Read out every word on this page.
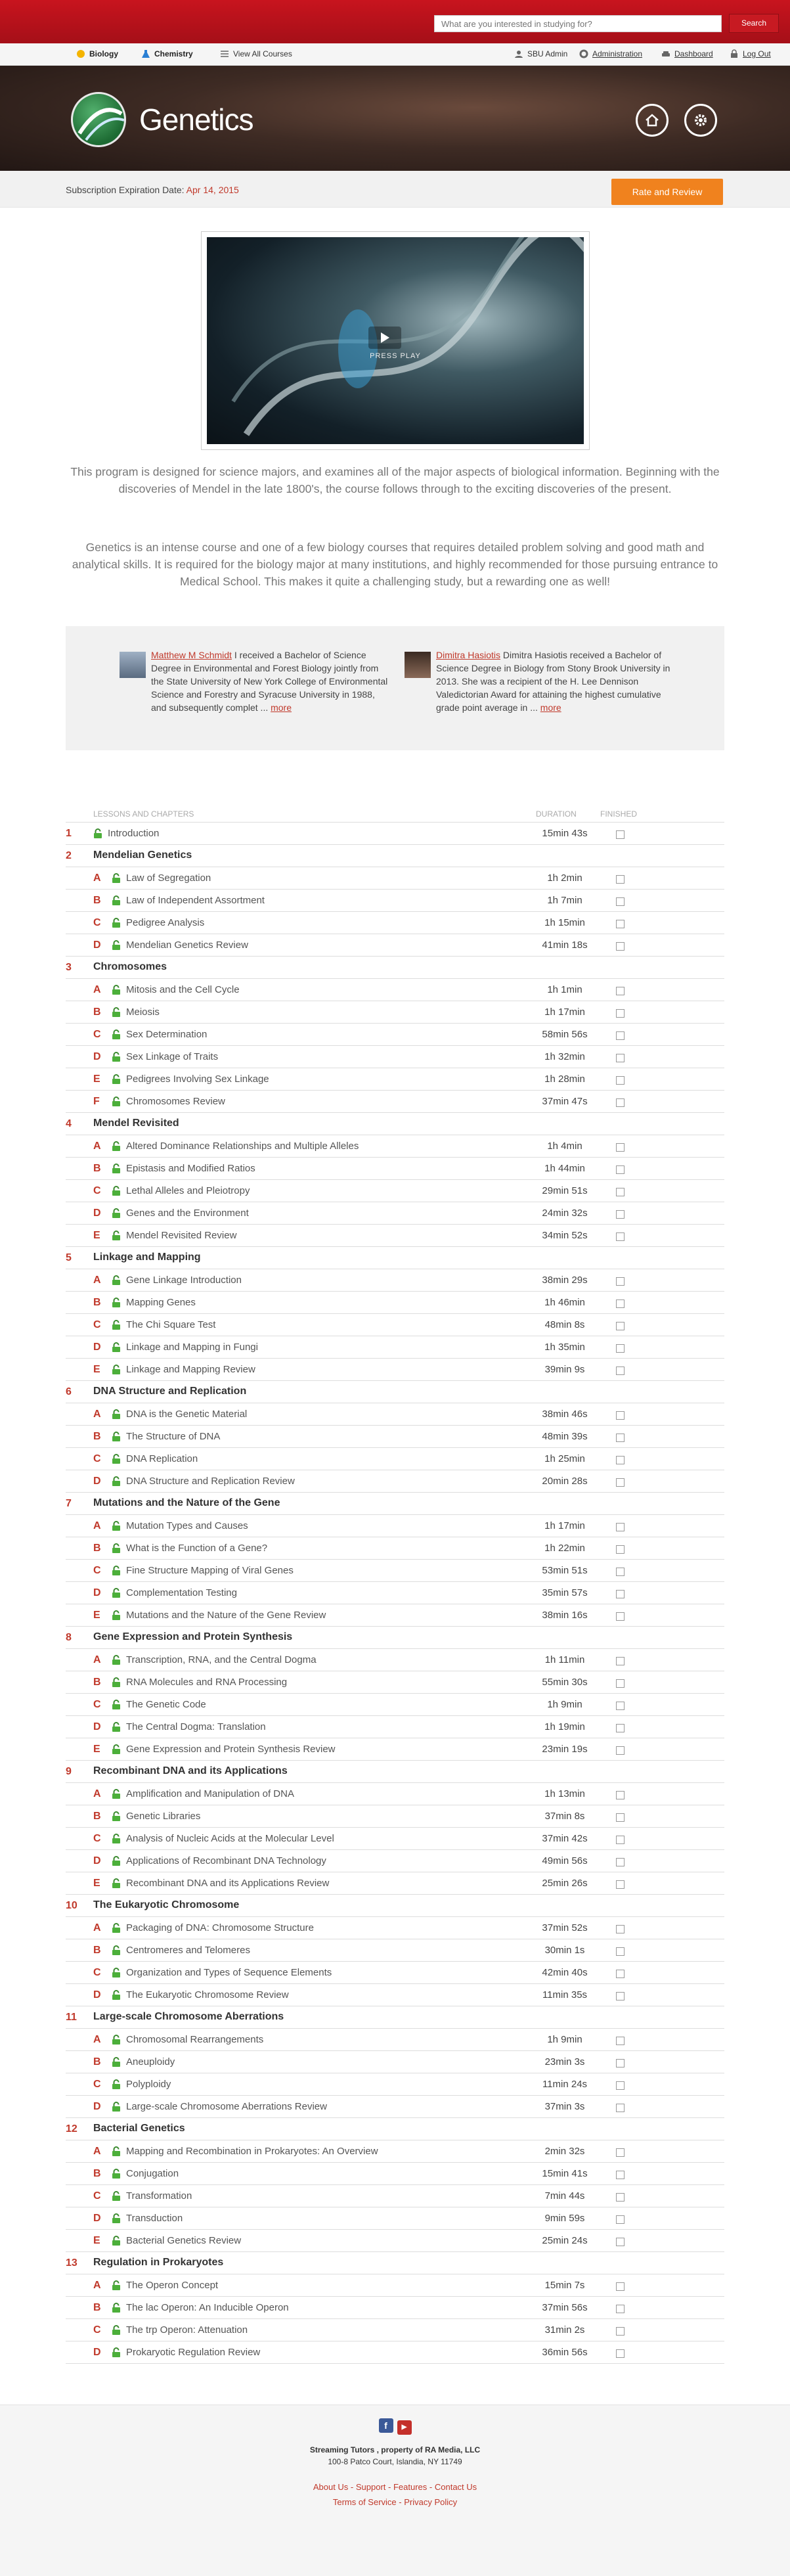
What are you interested in studying for?
Search
Biology	Chemistry	View All Courses	SBU Admin	Administration	Dashboard	Log Out
Genetics
Subscription Expiration Date: Apr 14, 2015	Rate and Review
PRESS PLAY

This program is designed for science majors, and examines all of the major aspects of biological information. Beginning with the discoveries of Mendel in the late 1800's, the course follows through to the exciting discoveries of the present.

Genetics is an intense course and one of a few biology courses that requires detailed problem solving and good math and analytical skills. It is required for the biology major at many institutions, and highly recommended for those pursuing entrance to Medical School. This makes it quite a challenging study, but a rewarding one as well!

Matthew M Schmidt I received a Bachelor of Science Degree in Environmental and Forest Biology jointly from the State University of New York College of Environmental Science and Forestry and Syracuse University in 1988, and subsequently complet ... more
Dimitra Hasiotis Dimitra Hasiotis received a Bachelor of Science Degree in Biology from Stony Brook University in 2013. She was a recipient of the H. Lee Dennison Valedictorian Award for attaining the highest cumulative grade point average in ... more
LESSONS AND CHAPTERS	DURATION	FINISHED
1	Introduction	15min 43s
2 Mendelian Genetics
A	Law of Segregation	1h 2min
B	Law of Independent Assortment	1h 7min
C	Pedigree Analysis	1h 15min
D	Mendelian Genetics Review	41min 18s
3 Chromosomes
A	Mitosis and the Cell Cycle	1h 1min
B	Meiosis	1h 17min
C	Sex Determination	58min 56s
D	Sex Linkage of Traits	1h 32min
E	Pedigrees Involving Sex Linkage	1h 28min
F	Chromosomes Review	37min 47s
4 Mendel Revisited
A	Altered Dominance Relationships and Multiple Alleles	1h 4min
B	Epistasis and Modified Ratios	1h 44min
C	Lethal Alleles and Pleiotropy	29min 51s
D	Genes and the Environment	24min 32s
E	Mendel Revisited Review	34min 52s
5 Linkage and Mapping
A	Gene Linkage Introduction	38min 29s
B	Mapping Genes	1h 46min
C	The Chi Square Test	48min 8s
D	Linkage and Mapping in Fungi	1h 35min
E	Linkage and Mapping Review	39min 9s
6 DNA Structure and Replication
A	DNA is the Genetic Material	38min 46s
B	The Structure of DNA	48min 39s
C	DNA Replication	1h 25min
D	DNA Structure and Replication Review	20min 28s
7 Mutations and the Nature of the Gene
A	Mutation Types and Causes	1h 17min
B	What is the Function of a Gene?	1h 22min
C	Fine Structure Mapping of Viral Genes	53min 51s
D	Complementation Testing	35min 57s
E	Mutations and the Nature of the Gene Review	38min 16s
8 Gene Expression and Protein Synthesis
A	Transcription, RNA, and the Central Dogma	1h 11min
B	RNA Molecules and RNA Processing	55min 30s
C	The Genetic Code	1h 9min
D	The Central Dogma: Translation	1h 19min
E	Gene Expression and Protein Synthesis Review	23min 19s
9 Recombinant DNA and its Applications
A	Amplification and Manipulation of DNA	1h 13min
B	Genetic Libraries	37min 8s
C	Analysis of Nucleic Acids at the Molecular Level	37min 42s
D	Applications of Recombinant DNA Technology	49min 56s
E	Recombinant DNA and its Applications Review	25min 26s
10 The Eukaryotic Chromosome
A	Packaging of DNA: Chromosome Structure	37min 52s
B	Centromeres and Telomeres	30min 1s
C	Organization and Types of Sequence Elements	42min 40s
D	The Eukaryotic Chromosome Review	11min 35s
11 Large-scale Chromosome Aberrations
A	Chromosomal Rearrangements	1h 9min
B	Aneuploidy	23min 3s
C	Polyploidy	11min 24s
D	Large-scale Chromosome Aberrations Review	37min 3s
12 Bacterial Genetics
A	Mapping and Recombination in Prokaryotes: An Overview	2min 32s
B	Conjugation	15min 41s
C	Transformation	7min 44s
D	Transduction	9min 59s
E	Bacterial Genetics Review	25min 24s
13 Regulation in Prokaryotes
A	The Operon Concept	15min 7s
B	The lac Operon: An Inducible Operon	37min 56s
C	The trp Operon: Attenuation	31min 2s
D	Prokaryotic Regulation Review	36min 56s
f ▶
Streaming Tutors , property of RA Media, LLC
100-8 Patco Court, Islandia, NY 11749
About Us - Support - Features - Contact Us
Terms of Service - Privacy Policy
